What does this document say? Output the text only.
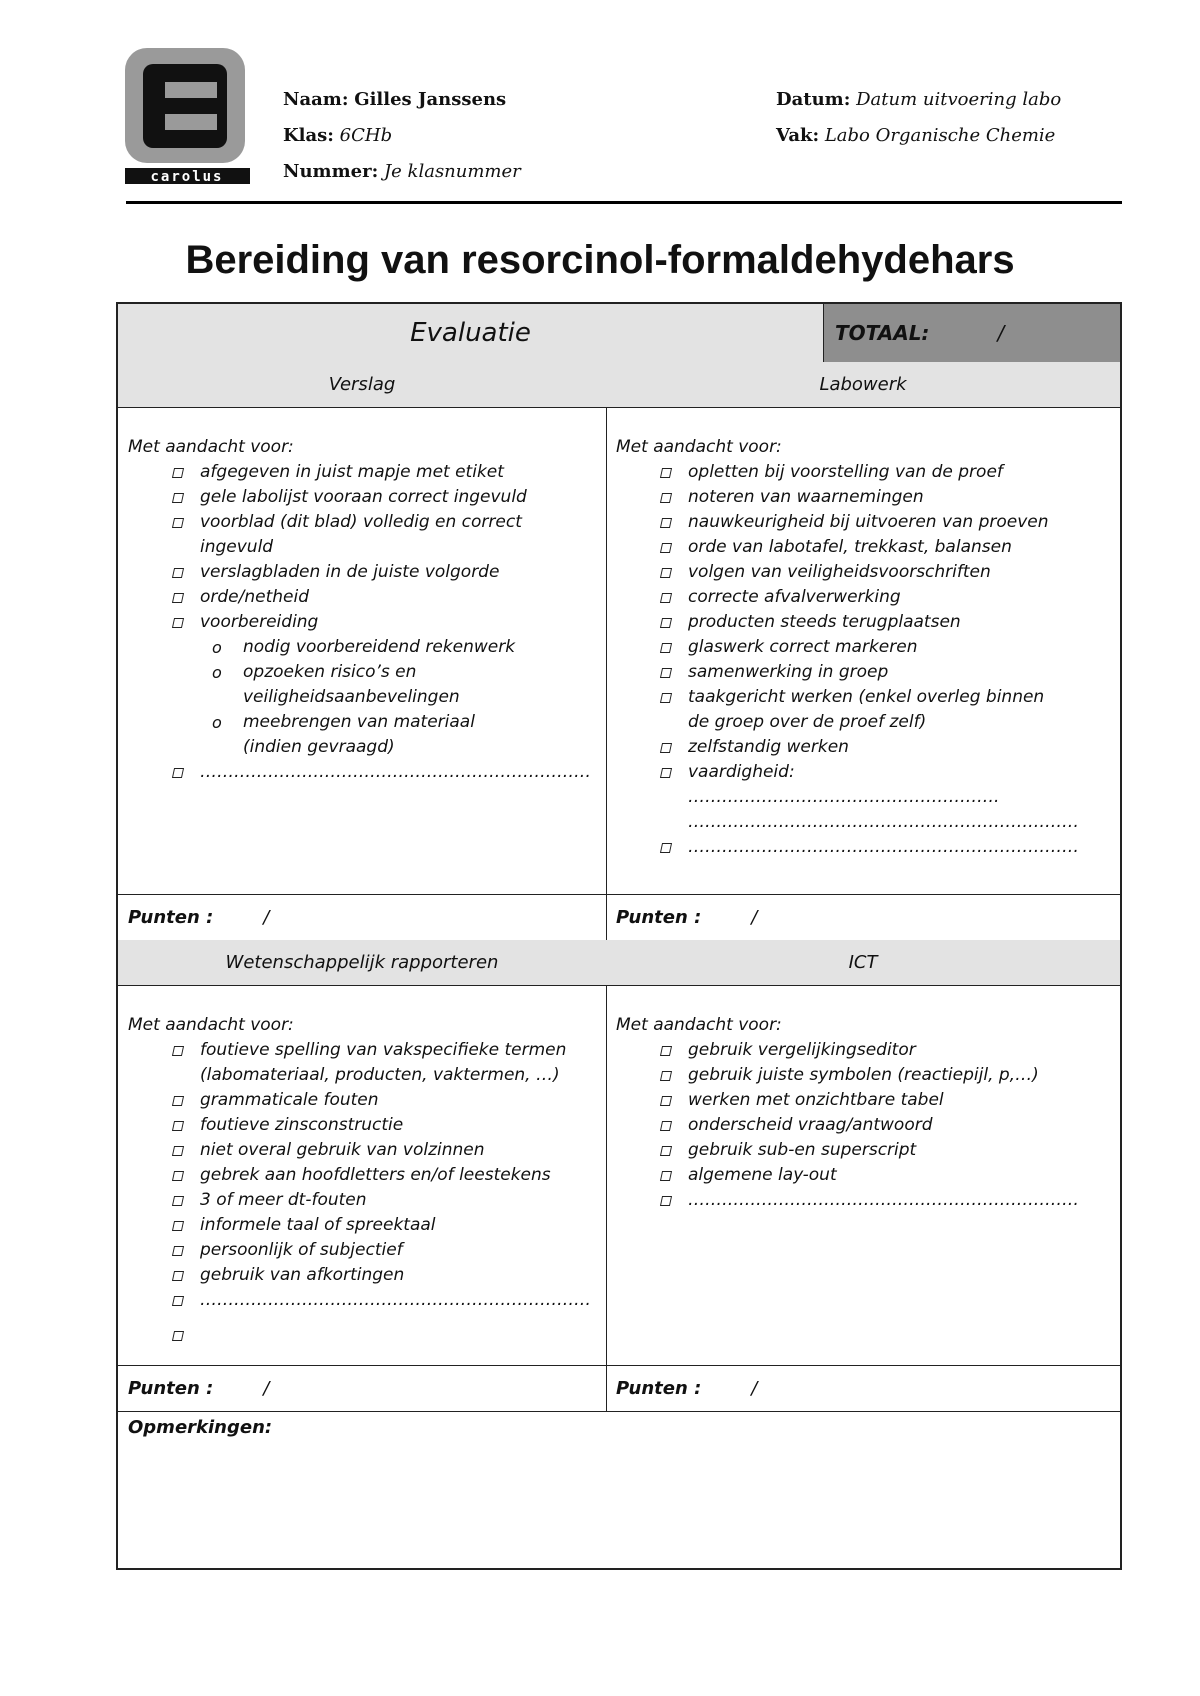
carolus
Naam: Gilles Janssens
Klas: 6CHb
Nummer: Je klasnummer
Datum: Datum uitvoering labo
Vak: Labo Organische Chemie
Bereiding van resorcinol-formaldehydehars
Evaluatie	TOTAAL:	/
Verslag	Labowerk
Met aandacht voor:
afgegeven in juist mapje met etiket
gele labolijst vooraan correct ingevuld
voorblad (dit blad) volledig en correct ingevuld
verslagbladen in de juiste volgorde
orde/netheid
voorbereiding
o nodig voorbereidend rekenwerk
o opzoeken risico’s en veiligheidsaanbevelingen
o meebrengen van materiaal (indien gevraagd)
……………………………………………………………
Met aandacht voor:
opletten bij voorstelling van de proef
noteren van waarnemingen
nauwkeurigheid bij uitvoeren van proeven
orde van labotafel, trekkast, balansen
volgen van veiligheidsvoorschriften
correcte afvalverwerking
producten steeds terugplaatsen
glaswerk correct markeren
samenwerking in groep
taakgericht werken (enkel overleg binnen de groep over de proef zelf)
zelfstandig werken
vaardigheid: ………………………………………………. ……………………………………………………………
……………………………………………………………
Punten :	/	Punten :	/
Wetenschappelijk rapporteren	ICT
Met aandacht voor:
foutieve spelling van vakspecifieke termen (labomateriaal, producten, vaktermen, …)
grammaticale fouten
foutieve zinsconstructie
niet overal gebruik van volzinnen
gebrek aan hoofdletters en/of leestekens
3 of meer dt-fouten
informele taal of spreektaal
persoonlijk of subjectief
gebruik van afkortingen
……………………………………………………………
Met aandacht voor:
gebruik vergelijkingseditor
gebruik juiste symbolen (reactiepijl, p,…)
werken met onzichtbare tabel
onderscheid vraag/antwoord
gebruik sub-en superscript
algemene lay-out
……………………………………………………………
Punten :	/	Punten :	/
Opmerkingen:
